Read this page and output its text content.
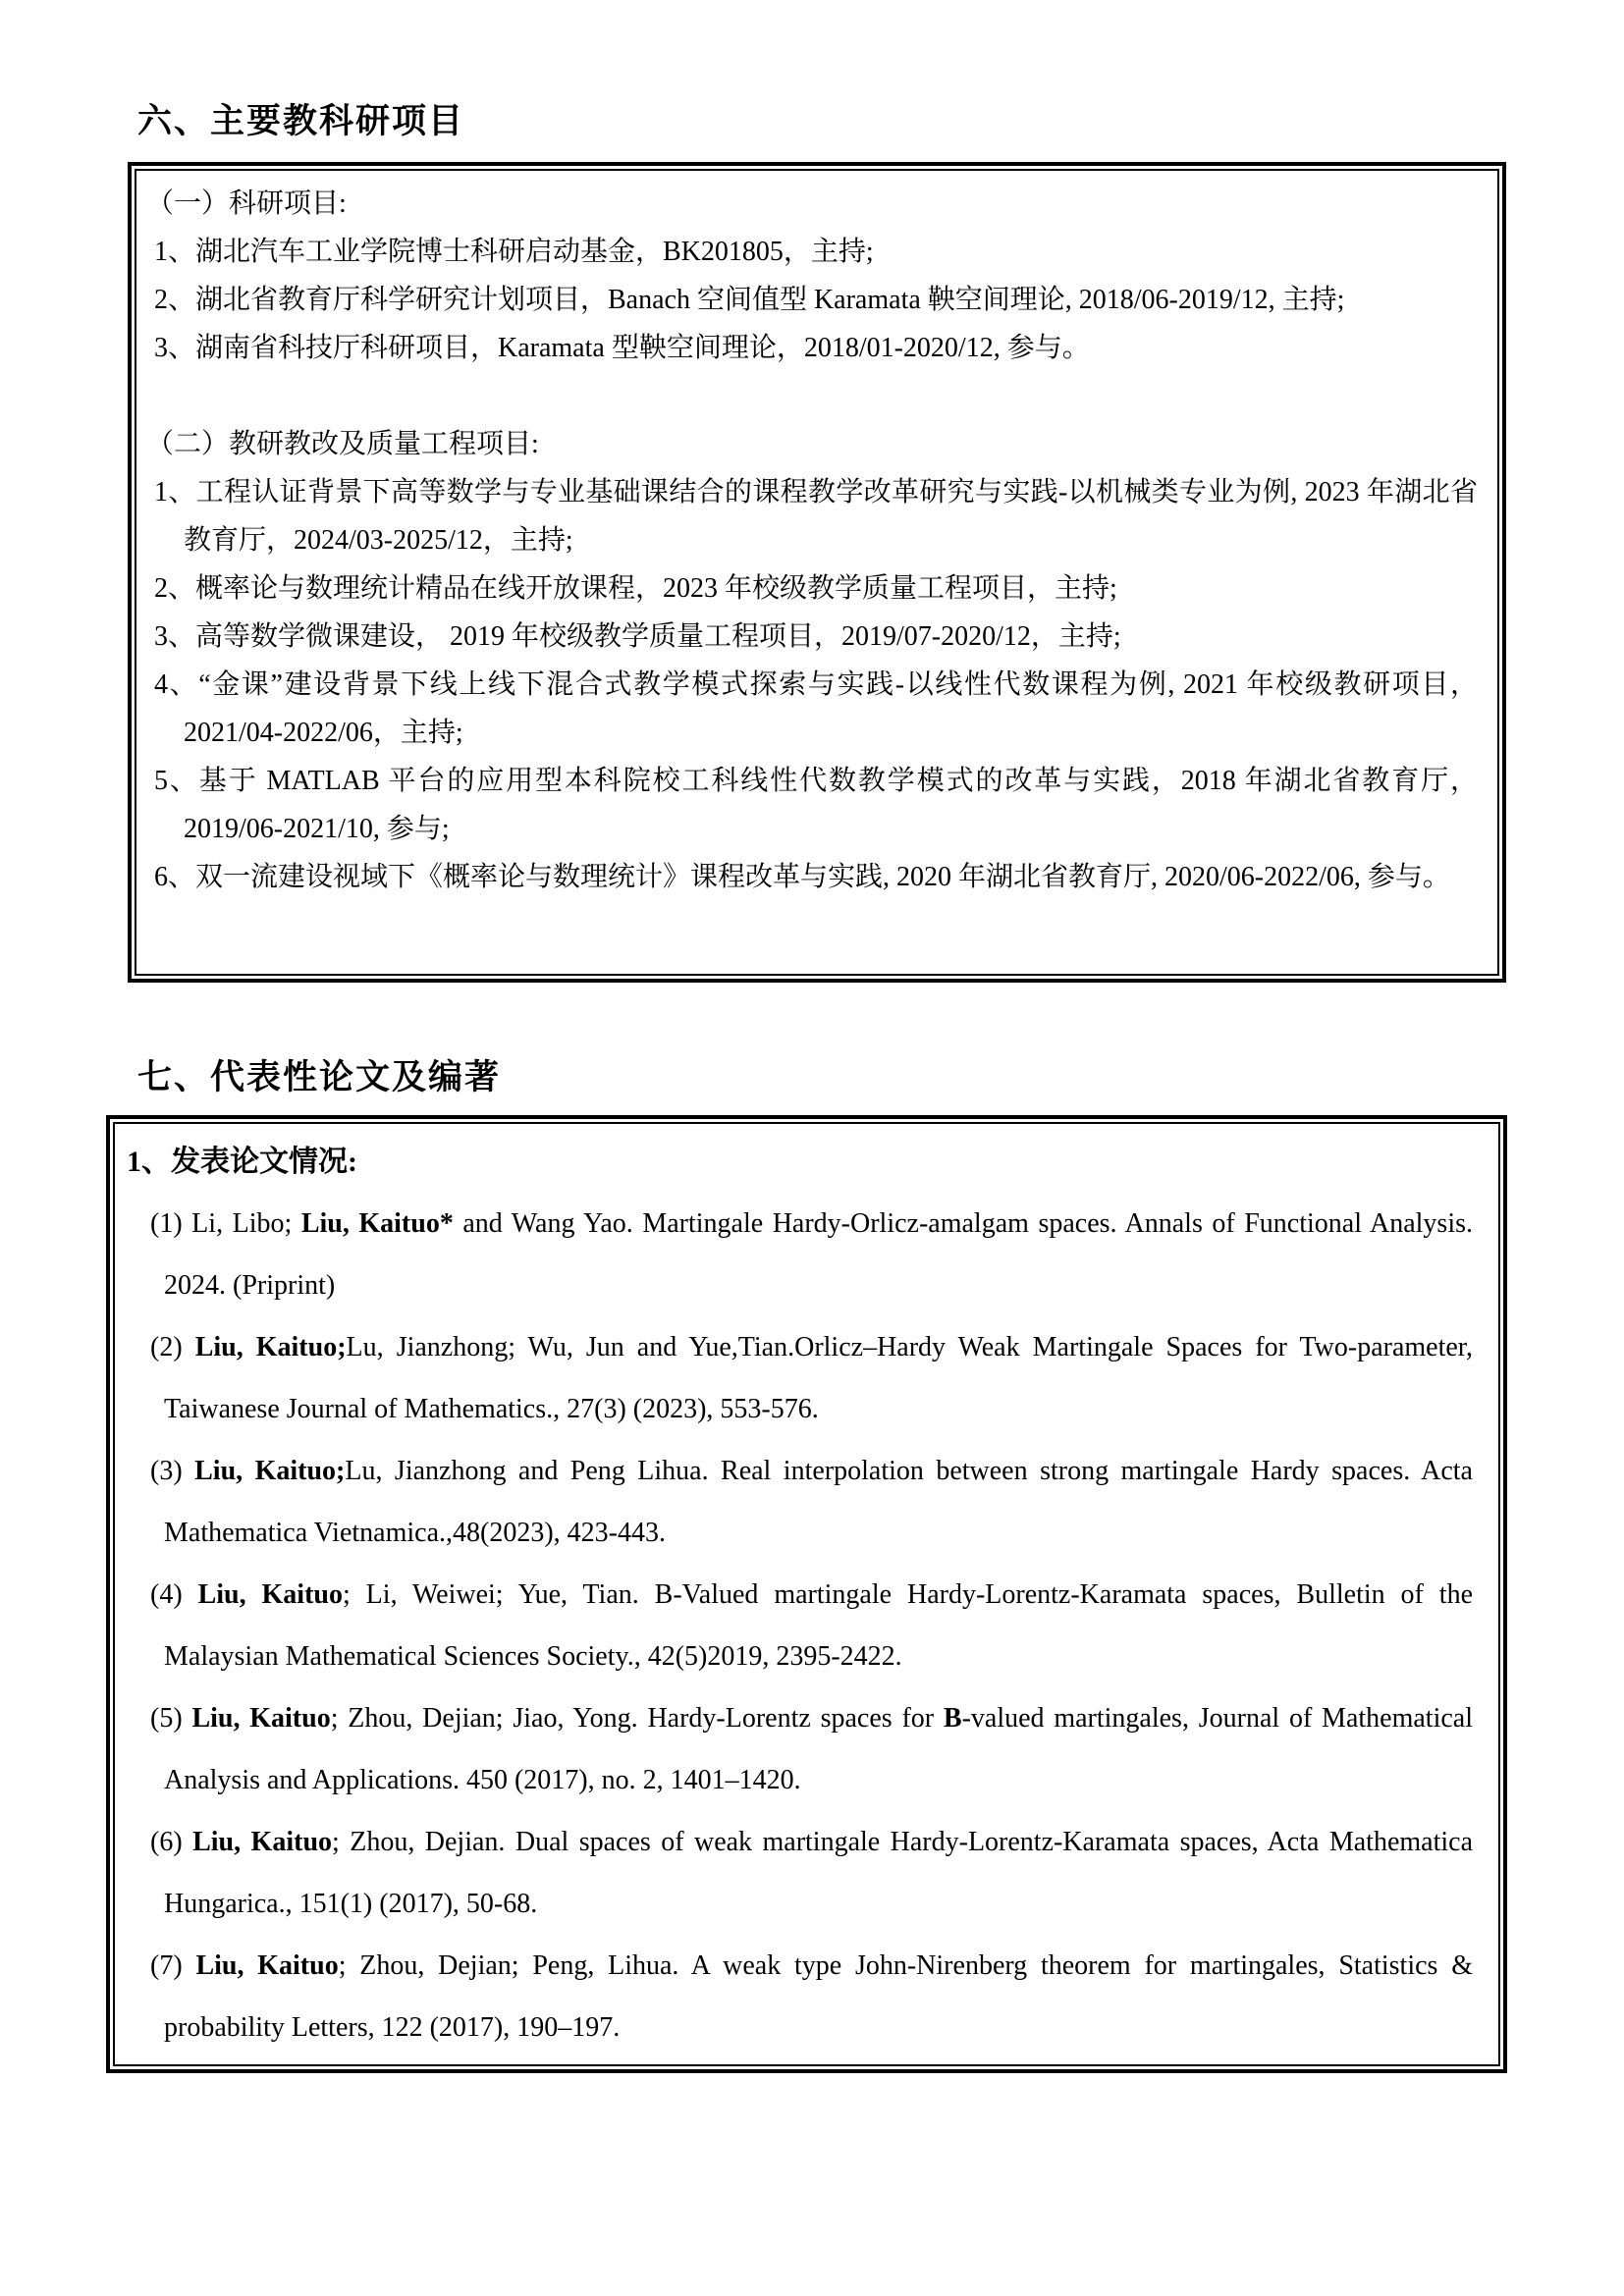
六、主要教科研项目

（一）科研项目:

1、湖北汽车工业学院博士科研启动基金，BK201805，主持;

2、湖北省教育厅科学研究计划项目，Banach 空间值型 Karamata 鞅空间理论, 2018/06-2019/12, 主持;

3、湖南省科技厅科研项目，Karamata 型鞅空间理论，2018/01-2020/12, 参与。

（二）教研教改及质量工程项目:

1、工程认证背景下高等数学与专业基础课结合的课程教学改革研究与实践-以机械类专业为例, 2023 年湖北省教育厅，2024/03-2025/12，主持;

2、概率论与数理统计精品在线开放课程，2023 年校级教学质量工程项目，主持;

3、高等数学微课建设， 2019 年校级教学质量工程项目，2019/07-2020/12，主持;

4、“金课”建设背景下线上线下混合式教学模式探索与实践-以线性代数课程为例, 2021 年校级教研项目， 2021/04-2022/06，主持;

5、基于 MATLAB 平台的应用型本科院校工科线性代数教学模式的改革与实践，2018 年湖北省教育厅， 2019/06-2021/10, 参与;

6、双一流建设视域下《概率论与数理统计》课程改革与实践, 2020 年湖北省教育厅, 2020/06-2022/06, 参与。

七、代表性论文及编著

1、发表论文情况:

(1) Li, Libo; Liu, Kaituo* and Wang Yao. Martingale Hardy-Orlicz-amalgam spaces. Annals of Functional Analysis. 2024. (Priprint)

(2) Liu, Kaituo;Lu, Jianzhong; Wu, Jun and Yue,Tian.Orlicz–Hardy Weak Martingale Spaces for Two-parameter, Taiwanese Journal of Mathematics., 27(3) (2023), 553-576.

(3) Liu, Kaituo;Lu, Jianzhong and Peng Lihua. Real interpolation between strong martingale Hardy spaces. Acta Mathematica Vietnamica.,48(2023), 423-443.

(4) Liu, Kaituo; Li, Weiwei; Yue, Tian. B-Valued martingale Hardy-Lorentz-Karamata spaces, Bulletin of the Malaysian Mathematical Sciences Society., 42(5)2019, 2395-2422.

(5) Liu, Kaituo; Zhou, Dejian; Jiao, Yong. Hardy-Lorentz spaces for B-valued martingales, Journal of Mathematical Analysis and Applications. 450 (2017), no. 2, 1401–1420.

(6) Liu, Kaituo; Zhou, Dejian. Dual spaces of weak martingale Hardy-Lorentz-Karamata spaces, Acta Mathematica Hungarica., 151(1) (2017), 50-68.

(7) Liu, Kaituo; Zhou, Dejian; Peng, Lihua. A weak type John-Nirenberg theorem for martingales, Statistics & probability Letters, 122 (2017), 190–197.
